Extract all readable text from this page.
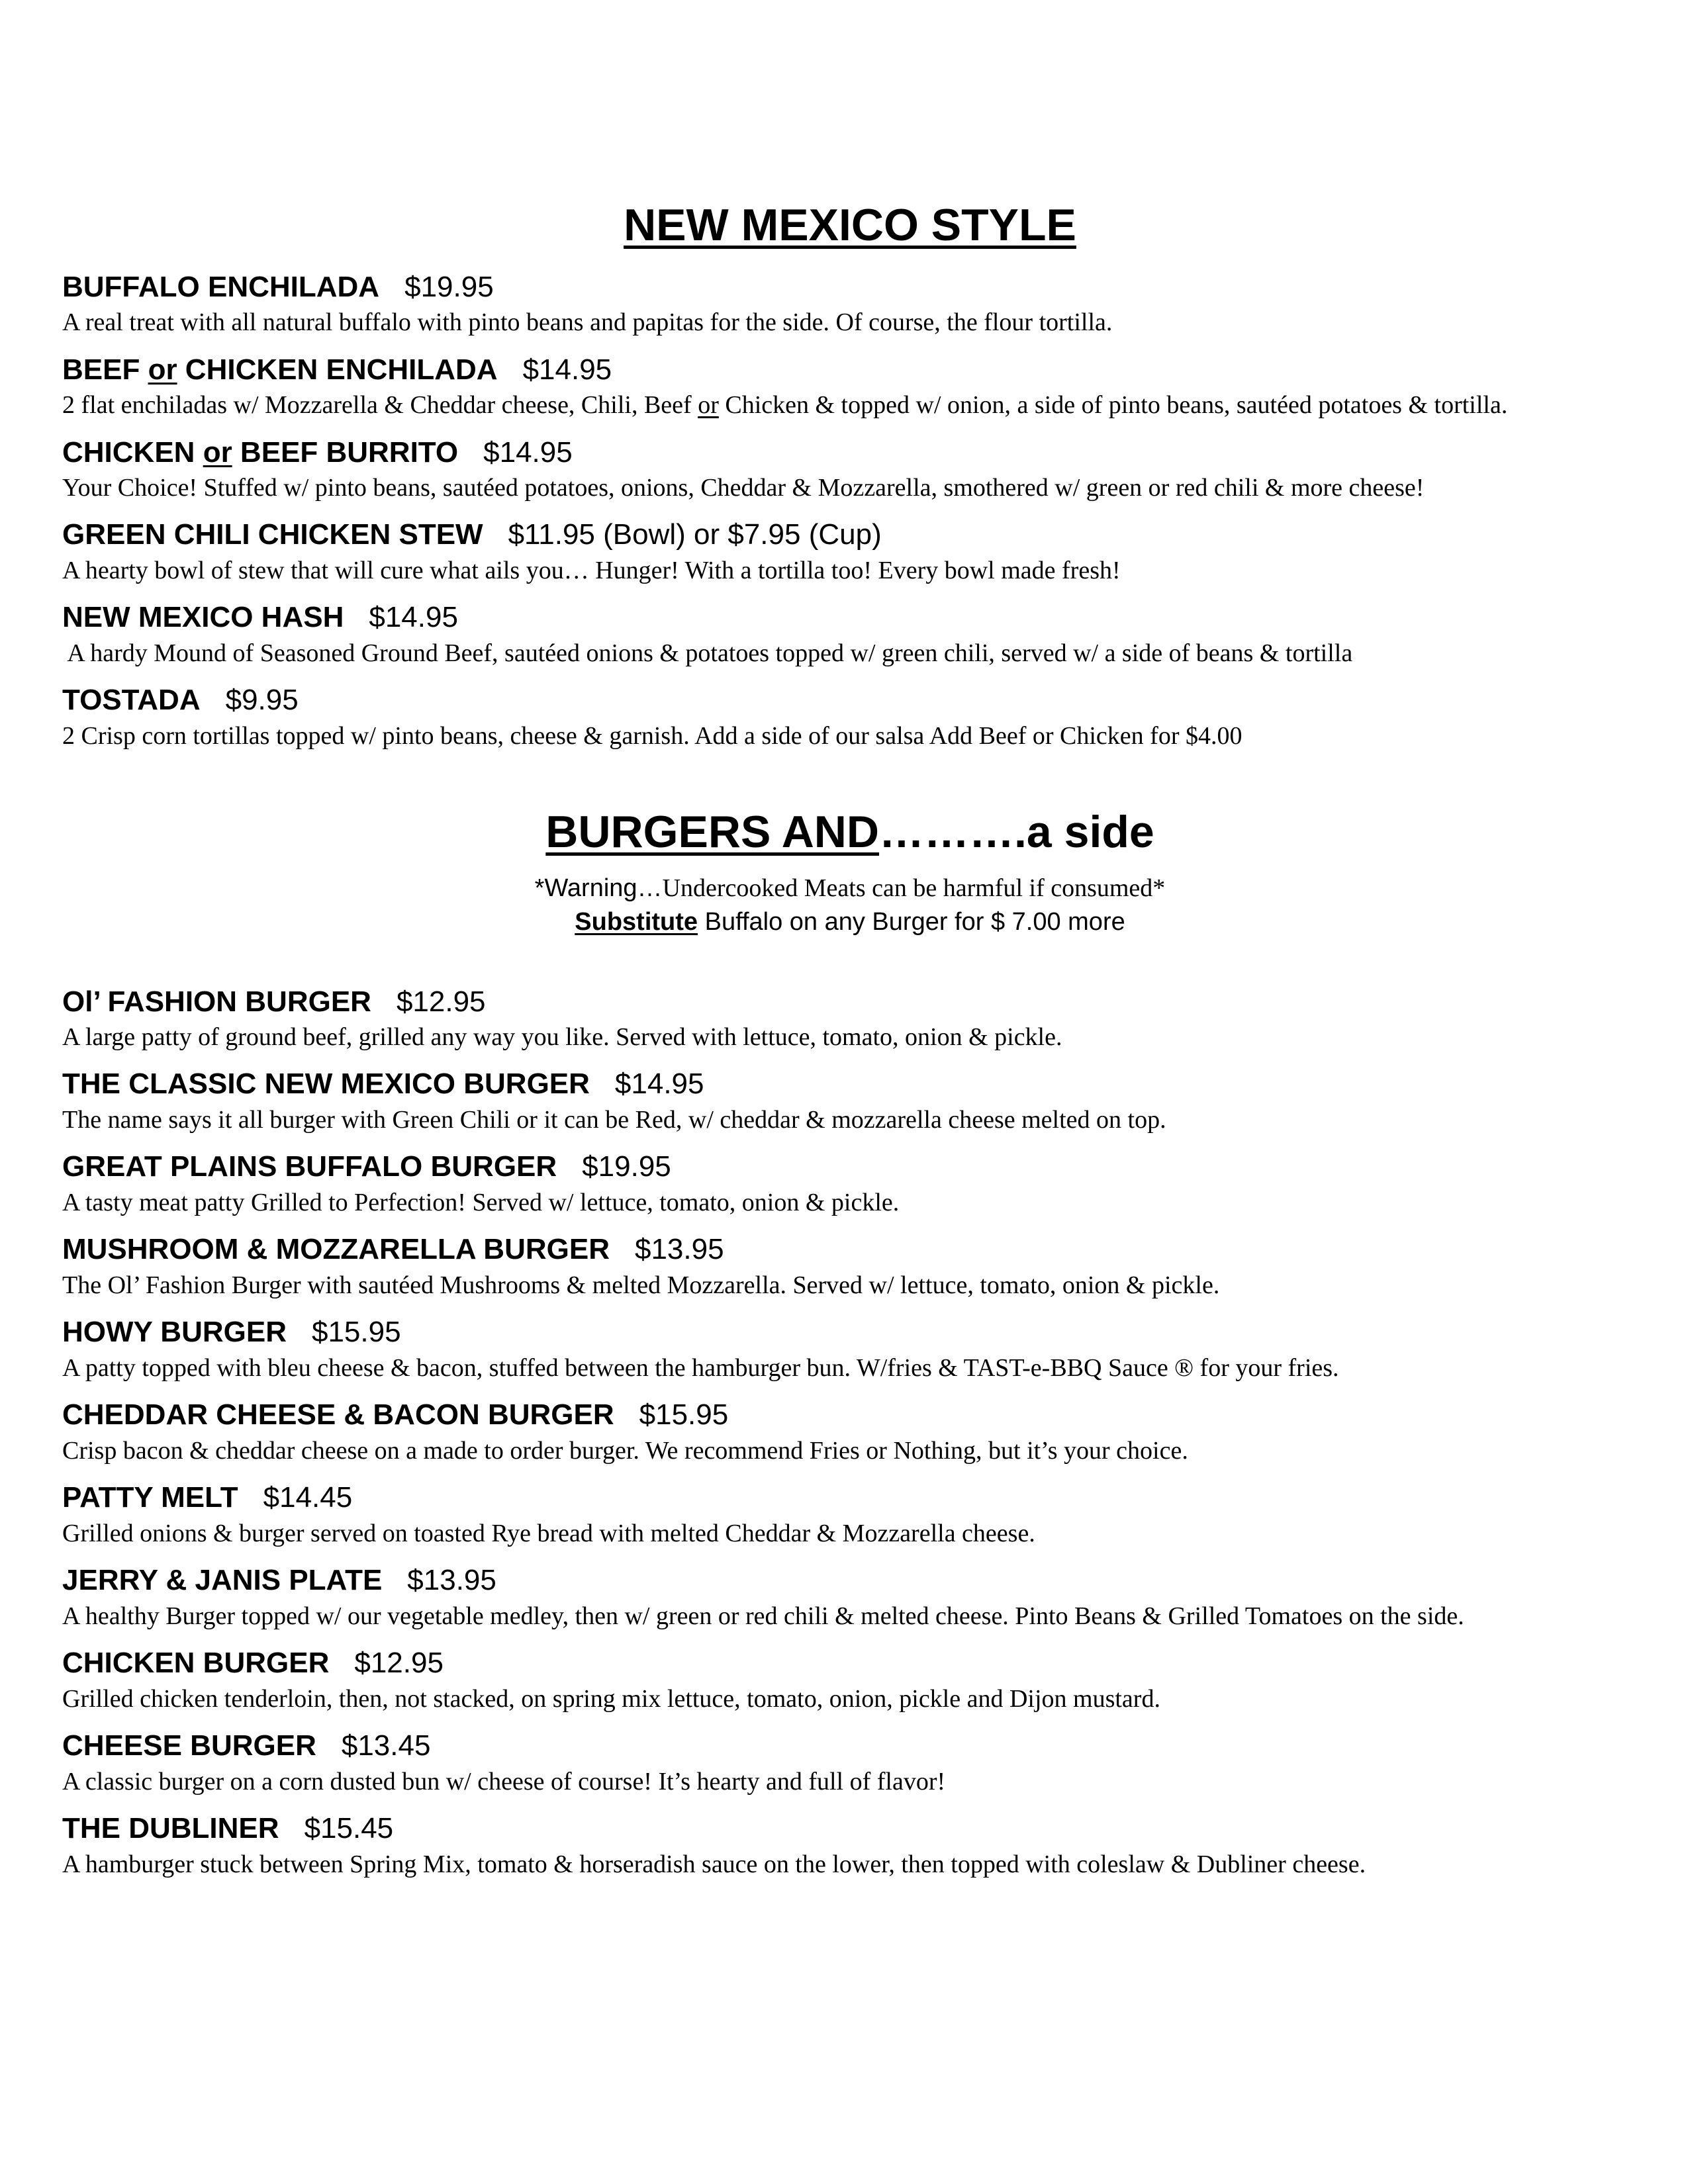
NEW MEXICO STYLE
BUFFALO ENCHILADA $19.95
A real treat with all natural buffalo with pinto beans and papitas for the side. Of course, the flour tortilla.
BEEF or CHICKEN ENCHILADA $14.95
2 flat enchiladas w/ Mozzarella & Cheddar cheese, Chili, Beef or Chicken & topped w/ onion, a side of pinto beans, sautéed potatoes & tortilla.
CHICKEN or BEEF BURRITO $14.95
Your Choice! Stuffed w/ pinto beans, sautéed potatoes, onions, Cheddar & Mozzarella, smothered w/ green or red chili & more cheese!
GREEN CHILI CHICKEN STEW $11.95 (Bowl) or $7.95 (Cup)
A hearty bowl of stew that will cure what ails you… Hunger! With a tortilla too! Every bowl made fresh!
NEW MEXICO HASH $14.95
A hardy Mound of Seasoned Ground Beef, sautéed onions & potatoes topped w/ green chili, served w/ a side of beans & tortilla
TOSTADA $9.95
2 Crisp corn tortillas topped w/ pinto beans, cheese & garnish. Add a side of our salsa Add Beef or Chicken for $4.00
BURGERS AND……….a side
*Warning…Undercooked Meats can be harmful if consumed*
Substitute Buffalo on any Burger for $ 7.00 more
Ol’ FASHION BURGER $12.95
A large patty of ground beef, grilled any way you like. Served with lettuce, tomato, onion & pickle.
THE CLASSIC NEW MEXICO BURGER $14.95
The name says it all burger with Green Chili or it can be Red, w/ cheddar & mozzarella cheese melted on top.
GREAT PLAINS BUFFALO BURGER $19.95
A tasty meat patty Grilled to Perfection! Served w/ lettuce, tomato, onion & pickle.
MUSHROOM & MOZZARELLA BURGER $13.95
The Ol’ Fashion Burger with sautéed Mushrooms & melted Mozzarella. Served w/ lettuce, tomato, onion & pickle.
HOWY BURGER $15.95
A patty topped with bleu cheese & bacon, stuffed between the hamburger bun. W/fries & TAST-e-BBQ Sauce ® for your fries.
CHEDDAR CHEESE & BACON BURGER $15.95
Crisp bacon & cheddar cheese on a made to order burger. We recommend Fries or Nothing, but it’s your choice.
PATTY MELT $14.45
Grilled onions & burger served on toasted Rye bread with melted Cheddar & Mozzarella cheese.
JERRY & JANIS PLATE $13.95
A healthy Burger topped w/ our vegetable medley, then w/ green or red chili & melted cheese. Pinto Beans & Grilled Tomatoes on the side.
CHICKEN BURGER $12.95
Grilled chicken tenderloin, then, not stacked, on spring mix lettuce, tomato, onion, pickle and Dijon mustard.
CHEESE BURGER $13.45
A classic burger on a corn dusted bun w/ cheese of course! It’s hearty and full of flavor!
THE DUBLINER $15.45
A hamburger stuck between Spring Mix, tomato & horseradish sauce on the lower, then topped with coleslaw & Dubliner cheese.
